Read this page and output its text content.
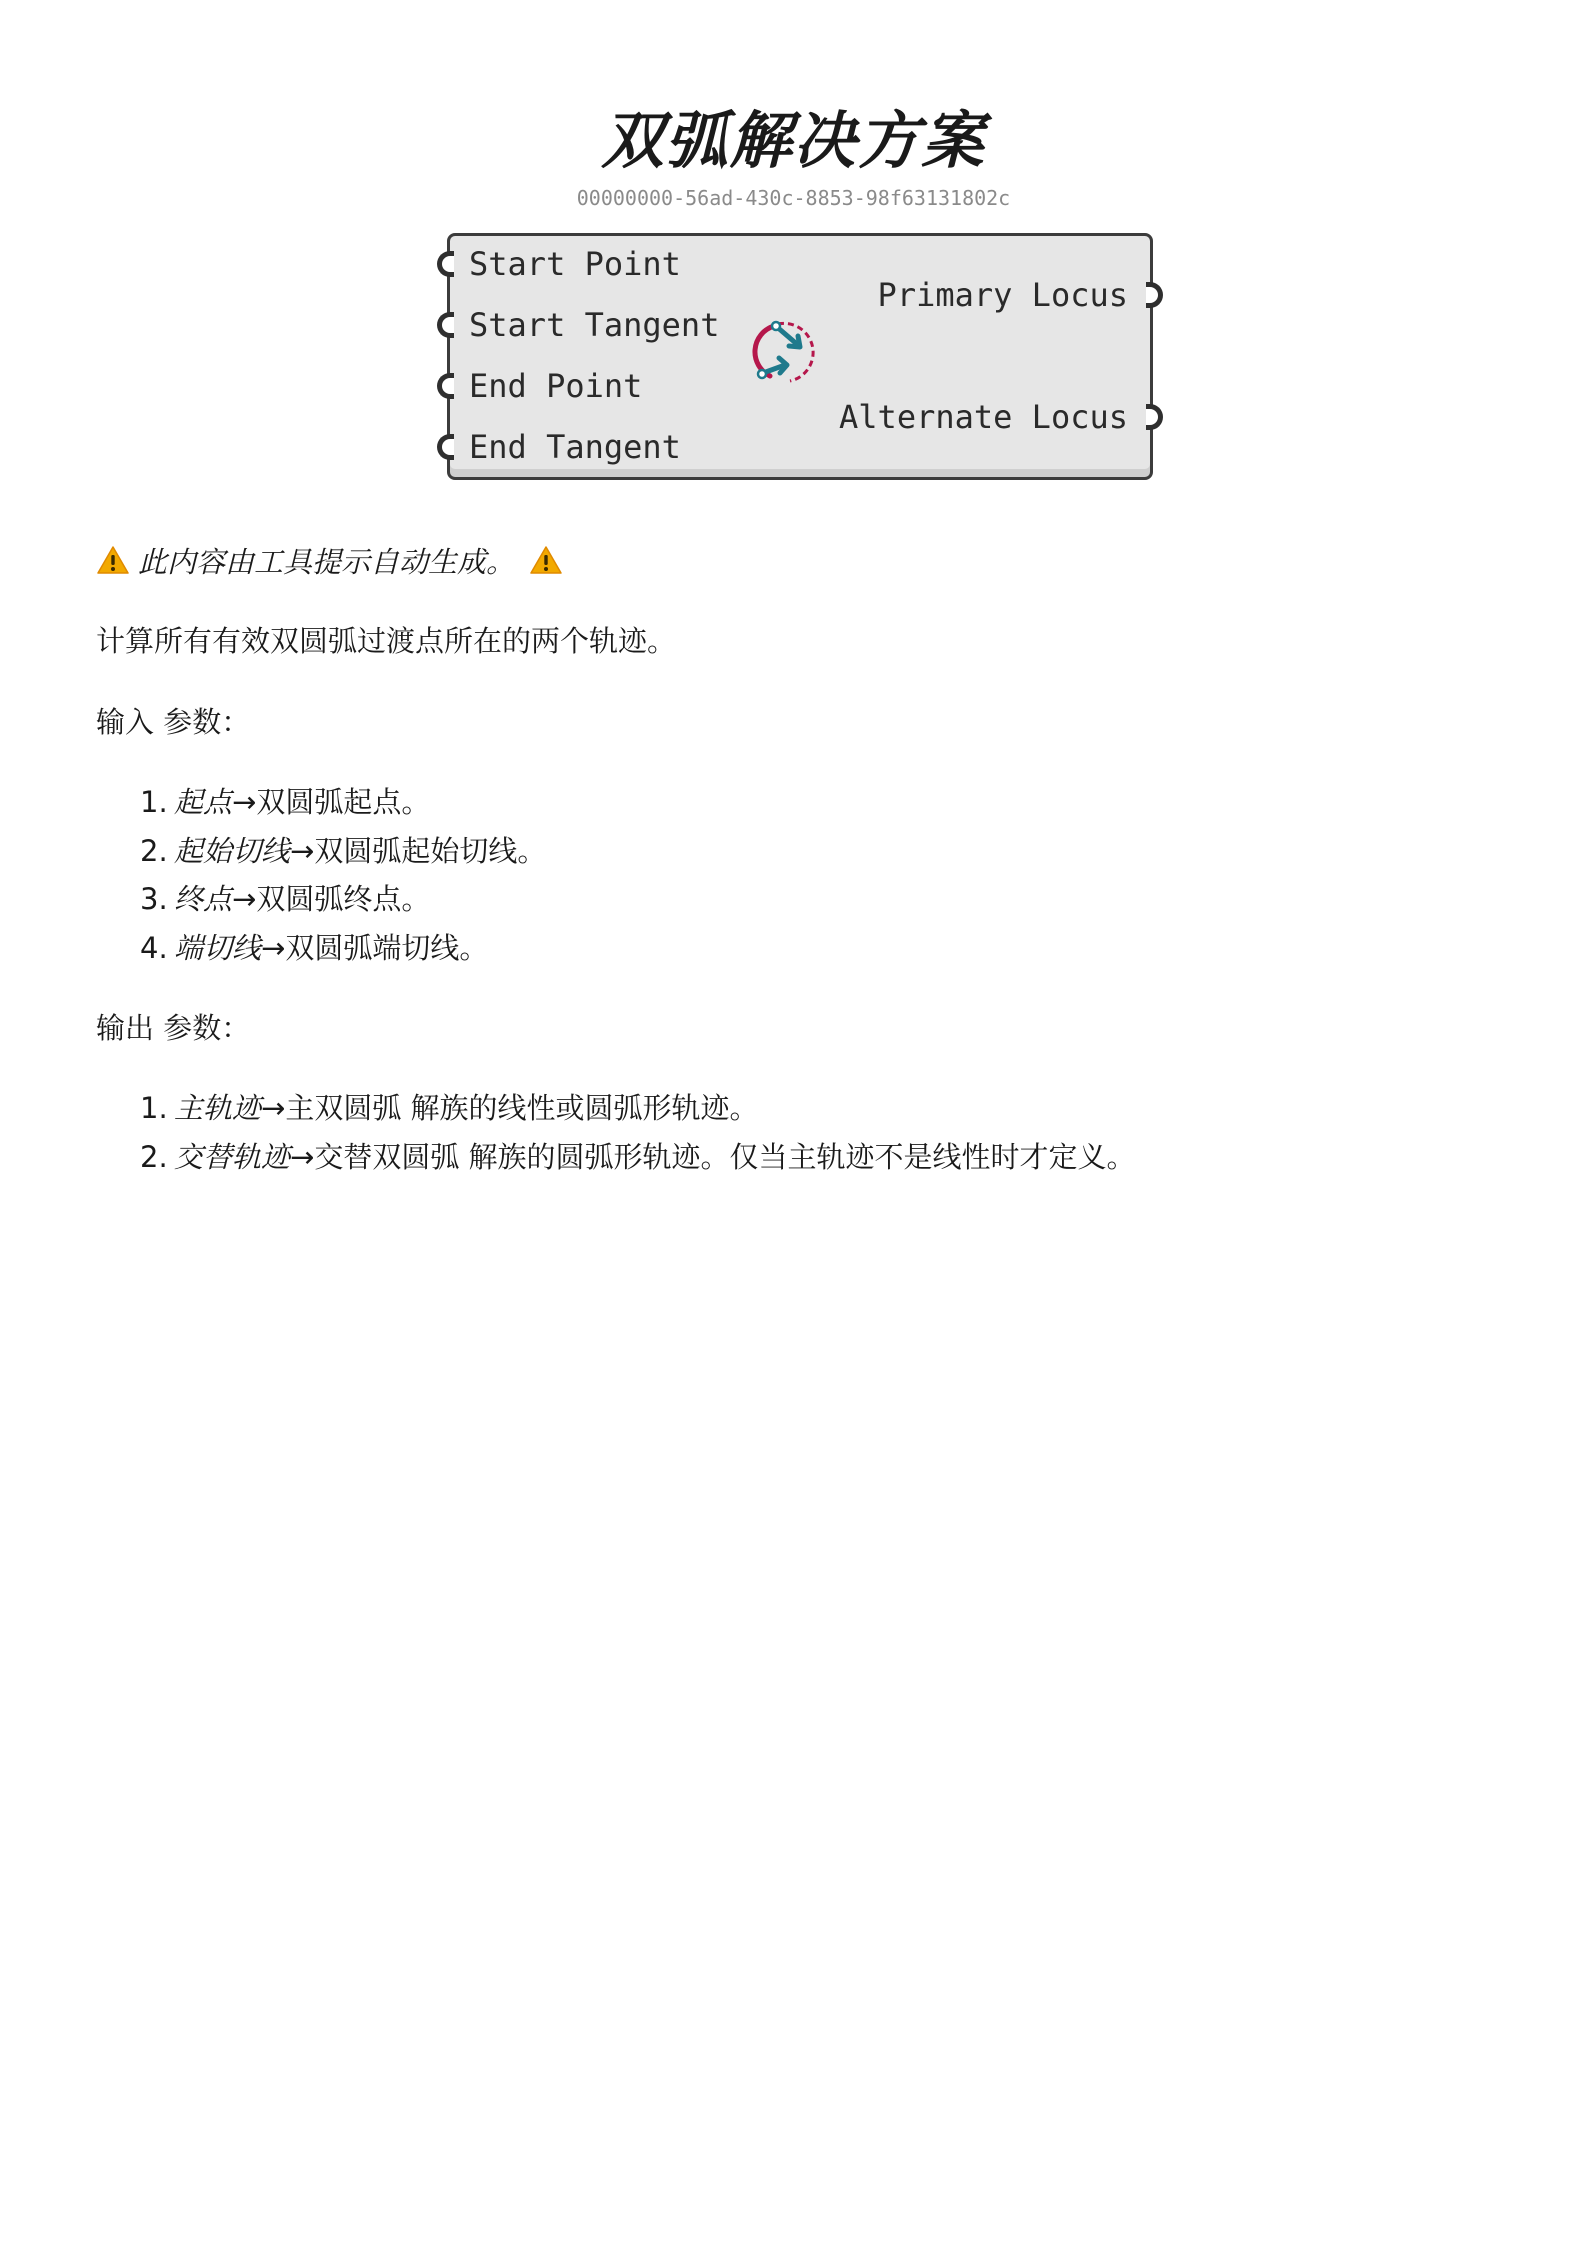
双弧解决方案
00000000-56ad-430c-8853-98f63131802c
Start Point
Start Tangent
End Point
End Tangent
Primary Locus
Alternate Locus
此内容由工具提示自动生成。

计算所有有效双圆弧过渡点所在的两个轨迹。

输入 参数：

1. 起点→双圆弧起点。
2. 起始切线→双圆弧起始切线。
3. 终点→双圆弧终点。
4. 端切线→双圆弧端切线。

输出 参数：

1. 主轨迹→主双圆弧 解族的线性或圆弧形轨迹。
2. 交替轨迹→交替双圆弧 解族的圆弧形轨迹。仅当主轨迹不是线性时才定义。
